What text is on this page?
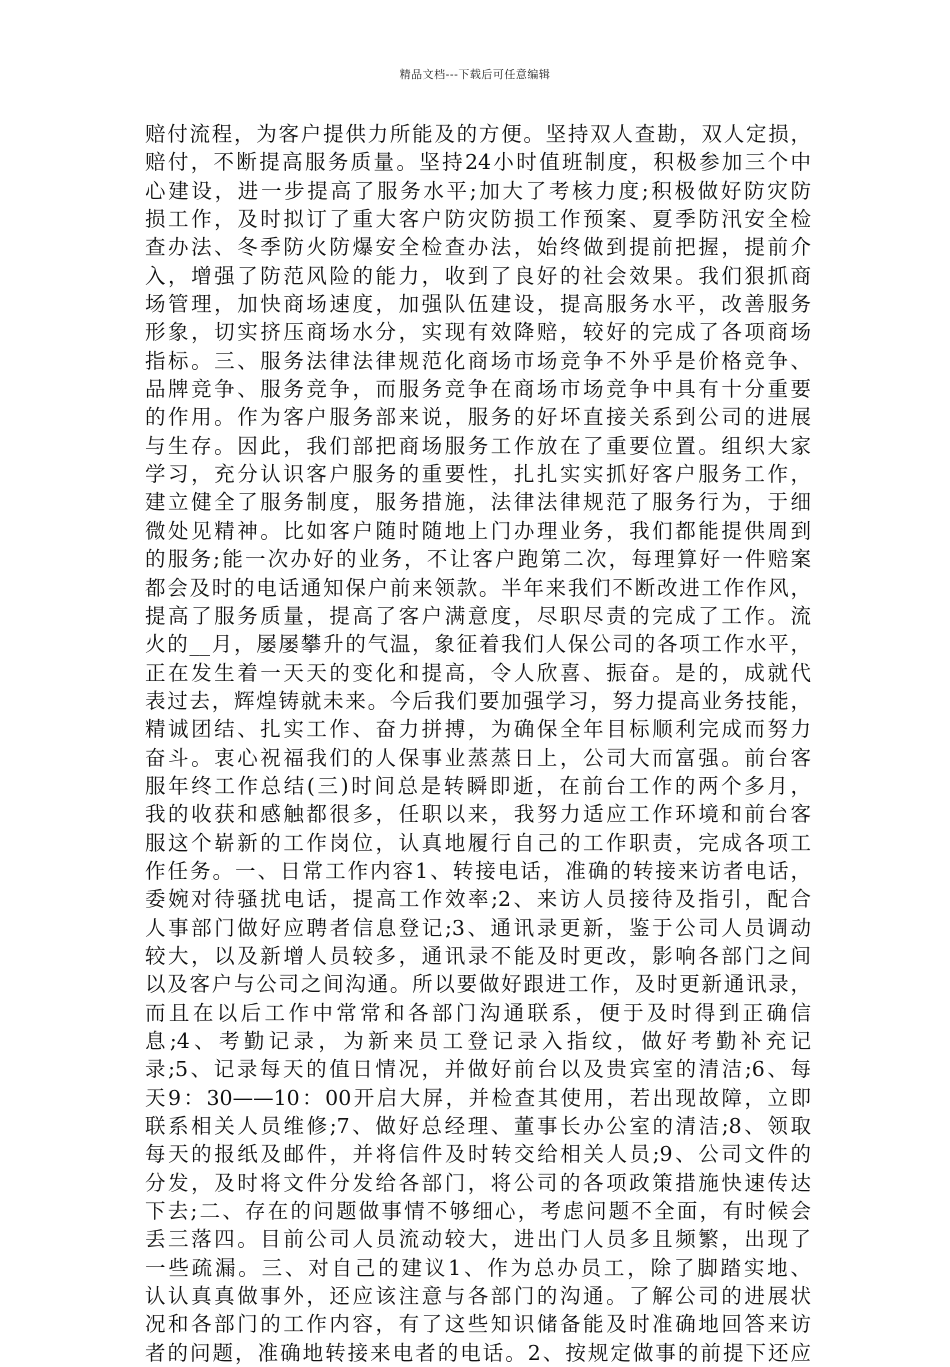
精品文档---下载后可任意编辑
赔付流程，为客户提供力所能及的方便。坚持双人查勘，双人定损，
赔付，不断提高服务质量。坚持24小时值班制度，积极参加三个中
心建设，进一步提高了服务水平;加大了考核力度;积极做好防灾防
损工作，及时拟订了重大客户防灾防损工作预案、夏季防汛安全检
查办法、冬季防火防爆安全检查办法，始终做到提前把握，提前介
入，增强了防范风险的能力，收到了良好的社会效果。我们狠抓商
场管理，加快商场速度，加强队伍建设，提高服务水平，改善服务
形象，切实挤压商场水分，实现有效降赔，较好的完成了各项商场
指标。三、服务法律法律规范化商场市场竞争不外乎是价格竞争、
品牌竞争、服务竞争，而服务竞争在商场市场竞争中具有十分重要
的作用。作为客户服务部来说，服务的好坏直接关系到公司的进展
与生存。因此，我们部把商场服务工作放在了重要位置。组织大家
学习，充分认识客户服务的重要性，扎扎实实抓好客户服务工作，
建立健全了服务制度，服务措施，法律法律规范了服务行为，于细
微处见精神。比如客户随时随地上门办理业务，我们都能提供周到
的服务;能一次办好的业务，不让客户跑第二次，每理算好一件赔案
都会及时的电话通知保户前来领款。半年来我们不断改进工作作风，
提高了服务质量，提高了客户满意度，尽职尽责的完成了工作。流
火的__月，屡屡攀升的气温，象征着我们人保公司的各项工作水平，
正在发生着一天天的变化和提高，令人欣喜、振奋。是的，成就代
表过去，辉煌铸就未来。今后我们要加强学习，努力提高业务技能，
精诚团结、扎实工作、奋力拼搏，为确保全年目标顺利完成而努力
奋斗。衷心祝福我们的人保事业蒸蒸日上，公司大而富强。前台客
服年终工作总结(三)时间总是转瞬即逝，在前台工作的两个多月，
我的收获和感触都很多，任职以来，我努力适应工作环境和前台客
服这个崭新的工作岗位，认真地履行自己的工作职责，完成各项工
作任务。一、日常工作内容1、转接电话，准确的转接来访者电话，
委婉对待骚扰电话，提高工作效率;2、来访人员接待及指引，配合
人事部门做好应聘者信息登记;3、通讯录更新，鉴于公司人员调动
较大，以及新增人员较多，通讯录不能及时更改，影响各部门之间
以及客户与公司之间沟通。所以要做好跟进工作，及时更新通讯录，
而且在以后工作中常常和各部门沟通联系，便于及时得到正确信
息;4、考勤记录，为新来员工登记录入指纹，做好考勤补充记
录;5、记录每天的值日情况，并做好前台以及贵宾室的清洁;6、每
天9：30——10：00开启大屏，并检查其使用，若出现故障，立即
联系相关人员维修;7、做好总经理、董事长办公室的清洁;8、领取
每天的报纸及邮件，并将信件及时转交给相关人员;9、公司文件的
分发，及时将文件分发给各部门，将公司的各项政策措施快速传达
下去;二、存在的问题做事情不够细心，考虑问题不全面，有时候会
丢三落四。目前公司人员流动较大，进出门人员多且频繁，出现了
一些疏漏。三、对自己的建议1、作为总办员工，除了脚踏实地、
认认真真做事外，还应该注意与各部门的沟通。了解公司的进展状
况和各部门的工作内容，有了这些知识储备能及时准确地回答来访
者的问题，准确地转接来电者的电话。2、按规定做事的前提下还应
